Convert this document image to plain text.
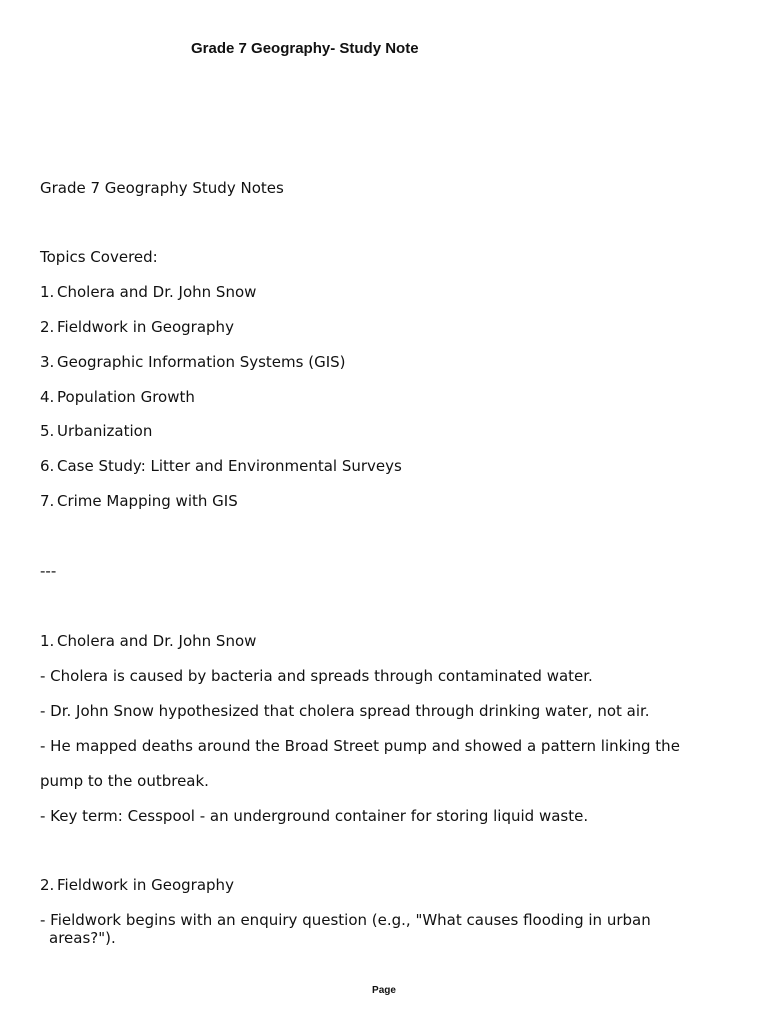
Grade 7 Geography- Study Note
Grade 7 Geography Study Notes
Topics Covered:
1. Cholera and Dr. John Snow
2. Fieldwork in Geography
3. Geographic Information Systems (GIS)
4. Population Growth
5. Urbanization
6. Case Study: Litter and Environmental Surveys
7. Crime Mapping with GIS
---
1. Cholera and Dr. John Snow
- Cholera is caused by bacteria and spreads through contaminated water.
- Dr. John Snow hypothesized that cholera spread through drinking water, not air.
- He mapped deaths around the Broad Street pump and showed a pattern linking the
pump to the outbreak.
- Key term: Cesspool - an underground container for storing liquid waste.
2. Fieldwork in Geography
- Fieldwork begins with an enquiry question (e.g., "What causes flooding in urban areas?").
Page
